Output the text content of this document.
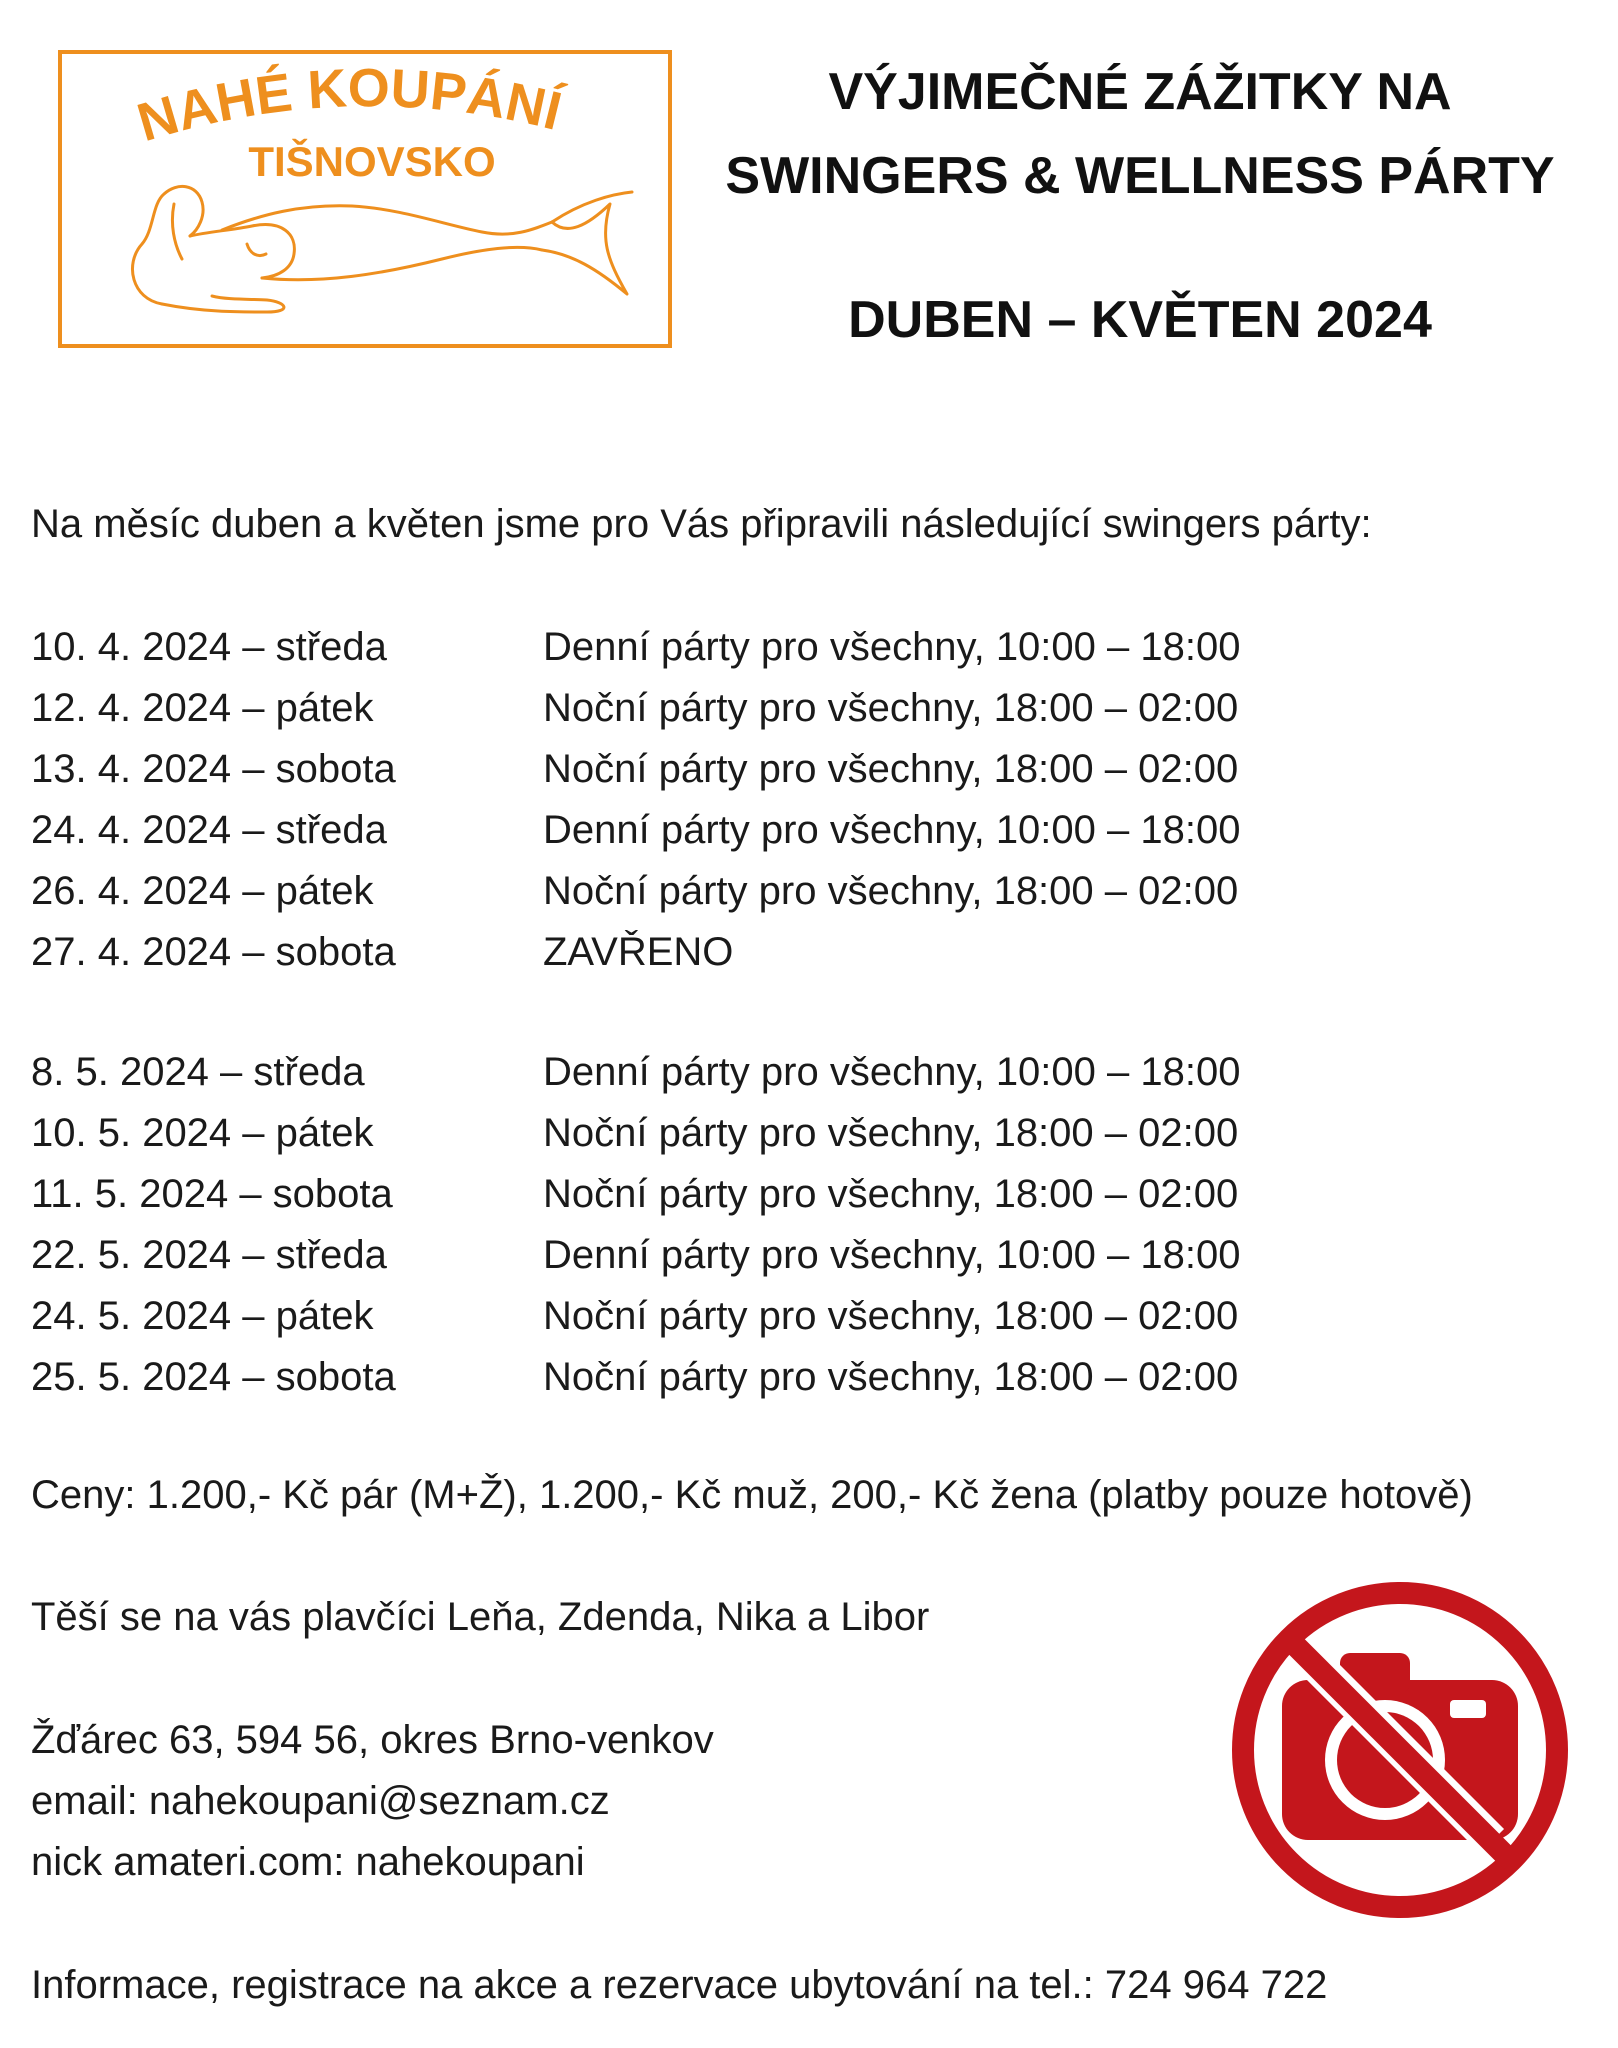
NAHÉ KOUPÁNÍ
TIŠNOVSKO
VÝJIMEČNÉ ZÁŽITKY NA
SWINGERS & WELLNESS PÁRTY
DUBEN – KVĚTEN 2024
Na měsíc duben a květen jsme pro Vás připravili následující swingers párty:
10. 4. 2024 – středa	Denní párty pro všechny, 10:00 – 18:00
12. 4. 2024 – pátek	Noční párty pro všechny, 18:00 – 02:00
13. 4. 2024 – sobota	Noční párty pro všechny, 18:00 – 02:00
24. 4. 2024 – středa	Denní párty pro všechny, 10:00 – 18:00
26. 4. 2024 – pátek	Noční párty pro všechny, 18:00 – 02:00
27. 4. 2024 – sobota	ZAVŘENO
8. 5. 2024 – středa	Denní párty pro všechny, 10:00 – 18:00
10. 5. 2024 – pátek	Noční párty pro všechny, 18:00 – 02:00
11. 5. 2024 – sobota	Noční párty pro všechny, 18:00 – 02:00
22. 5. 2024 – středa	Denní párty pro všechny, 10:00 – 18:00
24. 5. 2024 – pátek	Noční párty pro všechny, 18:00 – 02:00
25. 5. 2024 – sobota	Noční párty pro všechny, 18:00 – 02:00
Ceny: 1.200,- Kč pár (M+Ž), 1.200,- Kč muž, 200,- Kč žena (platby pouze hotově)
Těší se na vás plavčíci Leňa, Zdenda, Nika a Libor
Žďárec 63, 594 56, okres Brno-venkov
email: nahekoupani@seznam.cz
nick amateri.com: nahekoupani
Informace, registrace na akce a rezervace ubytování na tel.: 724 964 722
